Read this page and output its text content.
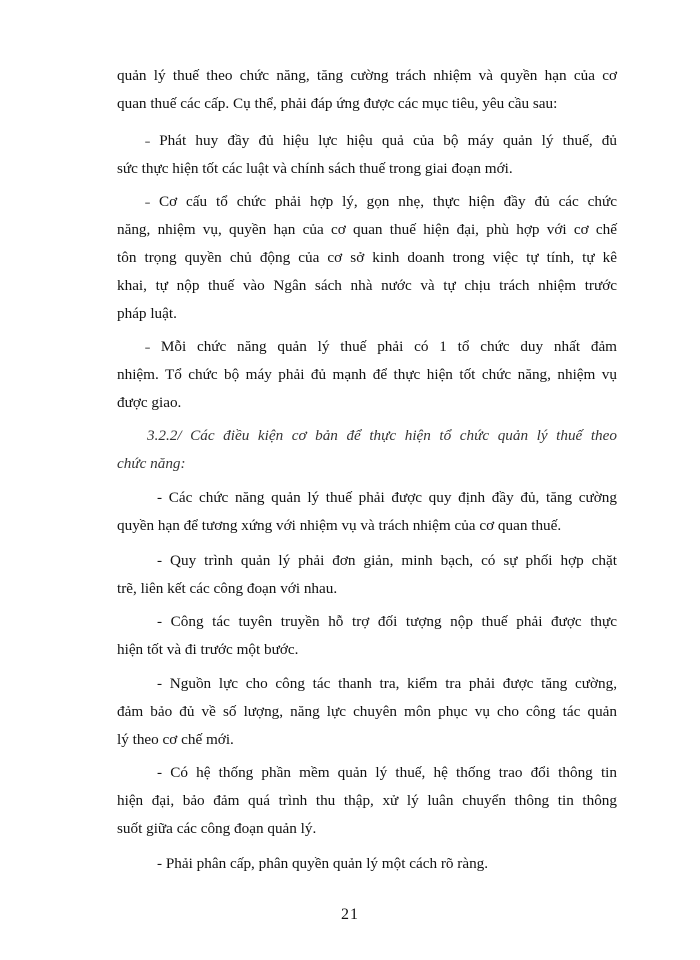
quản lý thuế theo chức năng, tăng cường trách nhiệm và quyền hạn của cơ
quan thuế các cấp. Cụ thể, phải đáp ứng được các mục tiêu, yêu cầu sau:
˗ Phát huy đầy đủ hiệu lực hiệu quả của bộ máy quản lý thuế, đủ
sức thực hiện tốt các luật và chính sách thuế trong giai đoạn mới.
˗ Cơ cấu tổ chức phải hợp lý, gọn nhẹ, thực hiện đầy đủ các chức
năng, nhiệm vụ, quyền hạn của cơ quan thuế hiện đại, phù hợp với cơ chế
tôn trọng quyền chủ động của cơ sở kinh doanh trong việc tự tính, tự kê
khai, tự nộp thuế vào Ngân sách nhà nước và tự chịu trách nhiệm trước
pháp luật.
˗ Mỗi chức năng quản lý thuế phải có 1 tổ chức duy nhất đảm
nhiệm. Tổ chức bộ máy phải đủ mạnh để thực hiện tốt chức năng, nhiệm vụ
được giao.
3.2.2/ Các điều kiện cơ bản để thực hiện tổ chức quản lý thuế theo
chức năng:
- Các chức năng quản lý thuế phải được quy định đầy đủ, tăng cường
quyền hạn để tương xứng với nhiệm vụ và trách nhiệm của cơ quan thuế.
- Quy trình quản lý phải đơn giản, minh bạch, có sự phối hợp chặt
trẽ, liên kết các công đoạn với nhau.
- Công tác tuyên truyền hỗ trợ đối tượng nộp thuế phải được thực
hiện tốt và đi trước một bước.
- Nguồn lực cho công tác thanh tra, kiểm tra phải được tăng cường,
đảm bảo đủ về số lượng, năng lực chuyên môn phục vụ cho công tác quản
lý theo cơ chế mới.
- Có hệ thống phần mềm quản lý thuế, hệ thống trao đổi thông tin
hiện đại, bảo đảm quá trình thu thập, xử lý luân chuyển thông tin thông
suốt giữa các công đoạn quản lý.
- Phải phân cấp, phân quyền quản lý một cách rõ ràng.
21
